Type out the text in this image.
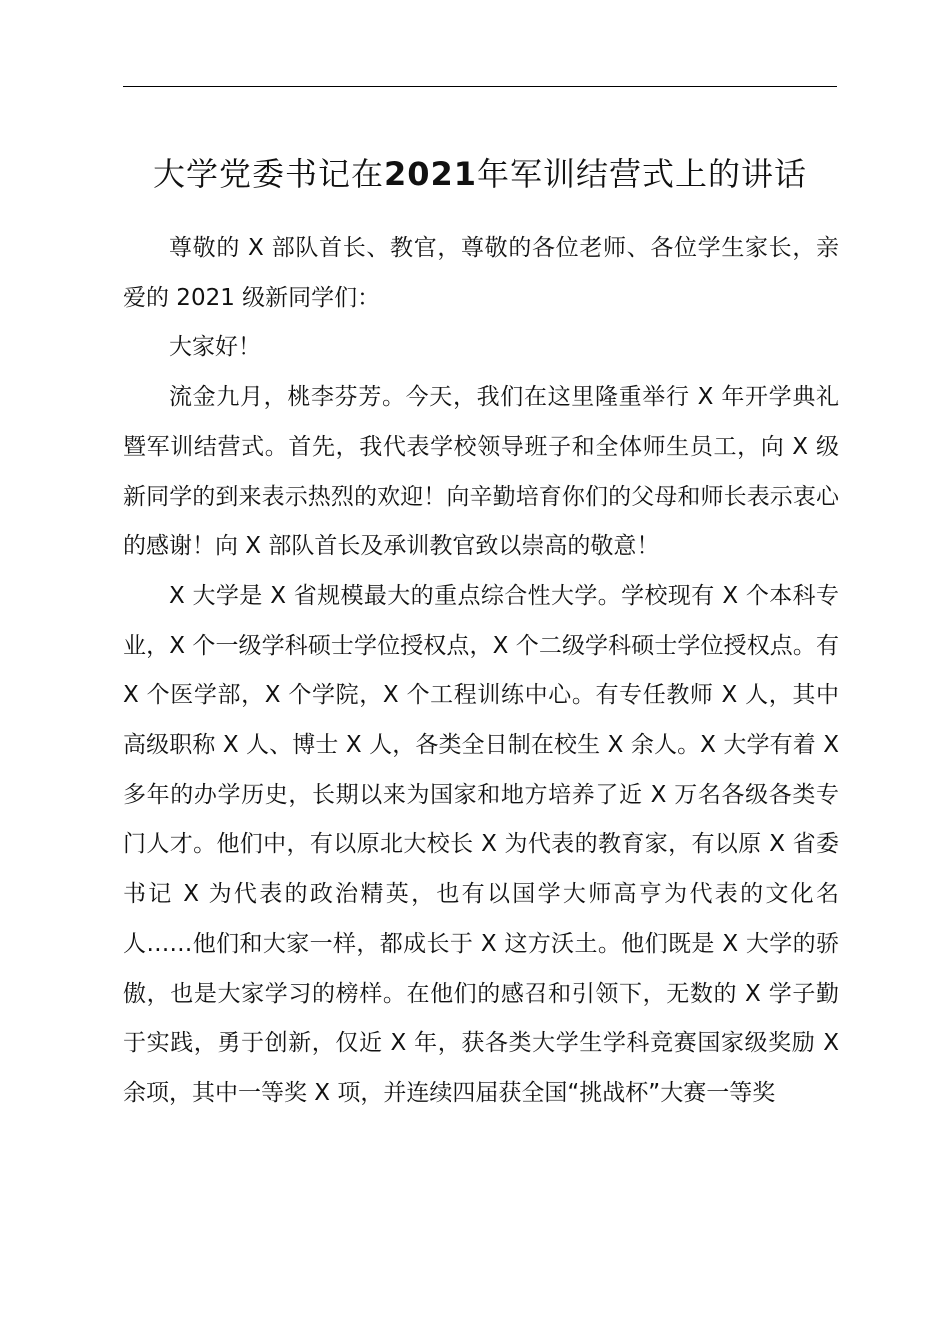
大学党委书记在2021年军训结营式上的讲话

尊敬的 X 部队首长、教官，尊敬的各位老师、各位学生家长，亲爱的 2021 级新同学们：

大家好！

流金九月，桃李芬芳。今天，我们在这里隆重举行 X 年开学典礼暨军训结营式。首先，我代表学校领导班子和全体师生员工，向 X 级新同学的到来表示热烈的欢迎！向辛勤培育你们的父母和师长表示衷心的感谢！向 X 部队首长及承训教官致以崇高的敬意！

X 大学是 X 省规模最大的重点综合性大学。学校现有 X 个本科专业，X 个一级学科硕士学位授权点，X 个二级学科硕士学位授权点。有 X 个医学部，X 个学院，X 个工程训练中心。有专任教师 X 人，其中高级职称 X 人、博士 X 人，各类全日制在校生 X 余人。X 大学有着 X 多年的办学历史，长期以来为国家和地方培养了近 X 万名各级各类专门人才。他们中，有以原北大校长 X 为代表的教育家，有以原 X 省委书记 X 为代表的政治精英，也有以国学大师高亨为代表的文化名人……他们和大家一样，都成长于 X 这方沃土。他们既是 X 大学的骄傲，也是大家学习的榜样。在他们的感召和引领下，无数的 X 学子勤于实践，勇于创新，仅近 X 年，获各类大学生学科竞赛国家级奖励 X 余项，其中一等奖 X 项，并连续四届获全国“挑战杯”大赛一等奖
